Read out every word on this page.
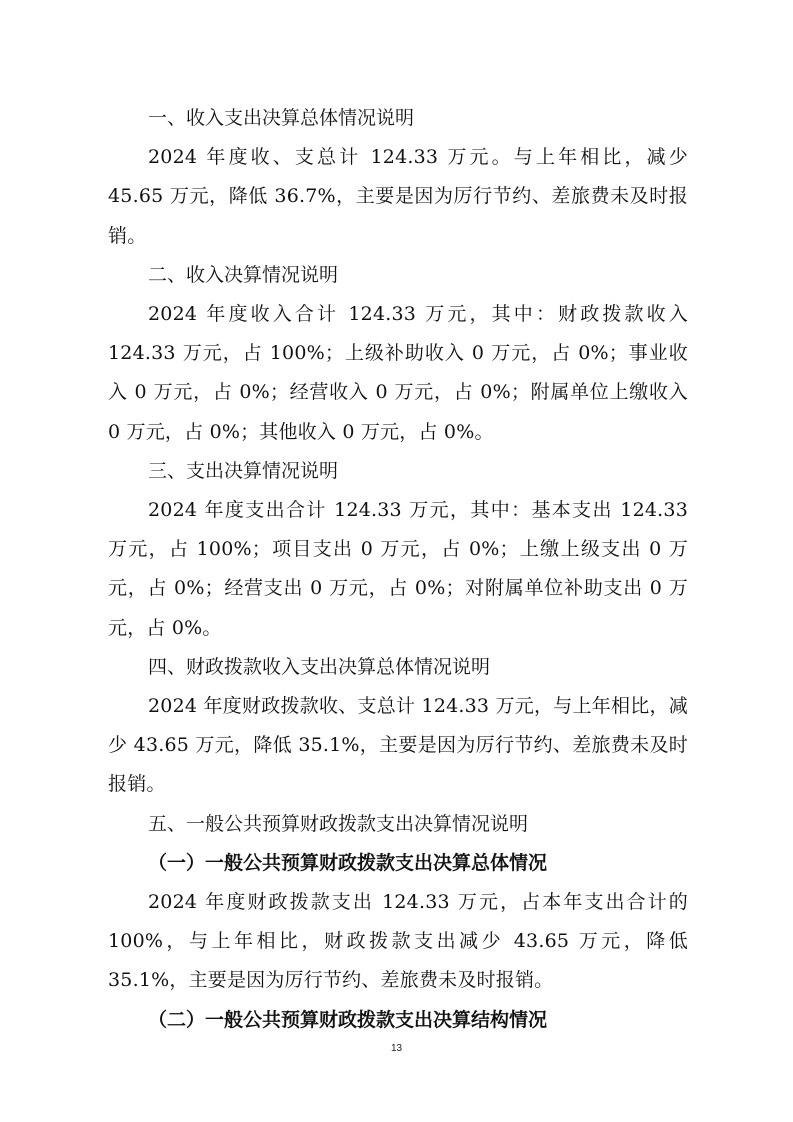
一、收入支出决算总体情况说明

2024 年度收、支总计 124.33 万元。与上年相比，减少 45.65 万元，降低 36.7%，主要是因为厉行节约、差旅费未及时报销。

二、收入决算情况说明

2024 年度收入合计 124.33 万元，其中：财政拨款收入 124.33 万元，占 100%；上级补助收入 0 万元，占 0%；事业收入 0 万元，占 0%；经营收入 0 万元，占 0%；附属单位上缴收入 0 万元，占 0%；其他收入 0 万元，占 0%。

三、支出决算情况说明

2024 年度支出合计 124.33 万元，其中：基本支出 124.33 万元，占 100%；项目支出 0 万元，占 0%；上缴上级支出 0 万元，占 0%；经营支出 0 万元，占 0%；对附属单位补助支出 0 万元，占 0%。

四、财政拨款收入支出决算总体情况说明

2024 年度财政拨款收、支总计 124.33 万元，与上年相比，减少 43.65 万元，降低 35.1%，主要是因为厉行节约、差旅费未及时报销。

五、一般公共预算财政拨款支出决算情况说明
（一）一般公共预算财政拨款支出决算总体情况

2024 年度财政拨款支出 124.33 万元，占本年支出合计的 100%，与上年相比，财政拨款支出减少 43.65 万元，降低 35.1%，主要是因为厉行节约、差旅费未及时报销。

（二）一般公共预算财政拨款支出决算结构情况
13
